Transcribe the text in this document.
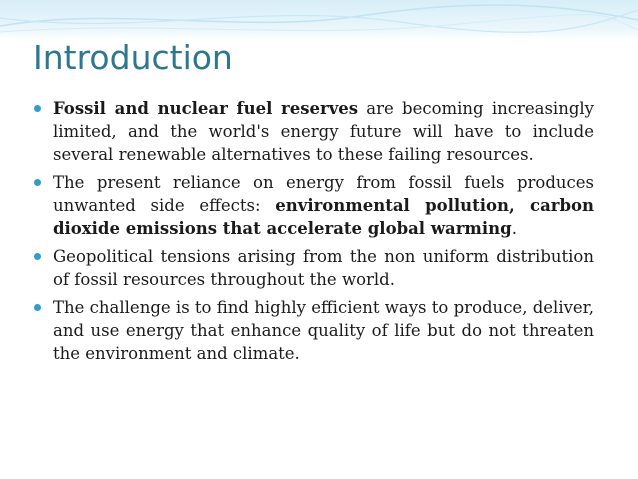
Introduction
Fossil and nuclear fuel reserves are becoming increasingly limited, and the world's energy future will have to include several renewable alternatives to these failing resources.
The present reliance on energy from fossil fuels produces unwanted side effects: environmental pollution, carbon dioxide emissions that accelerate global warming.
Geopolitical tensions arising from the non uniform distribution of fossil resources throughout the world.
The challenge is to find highly efficient ways to produce, deliver, and use energy that enhance quality of life but do not threaten the environment and climate.
